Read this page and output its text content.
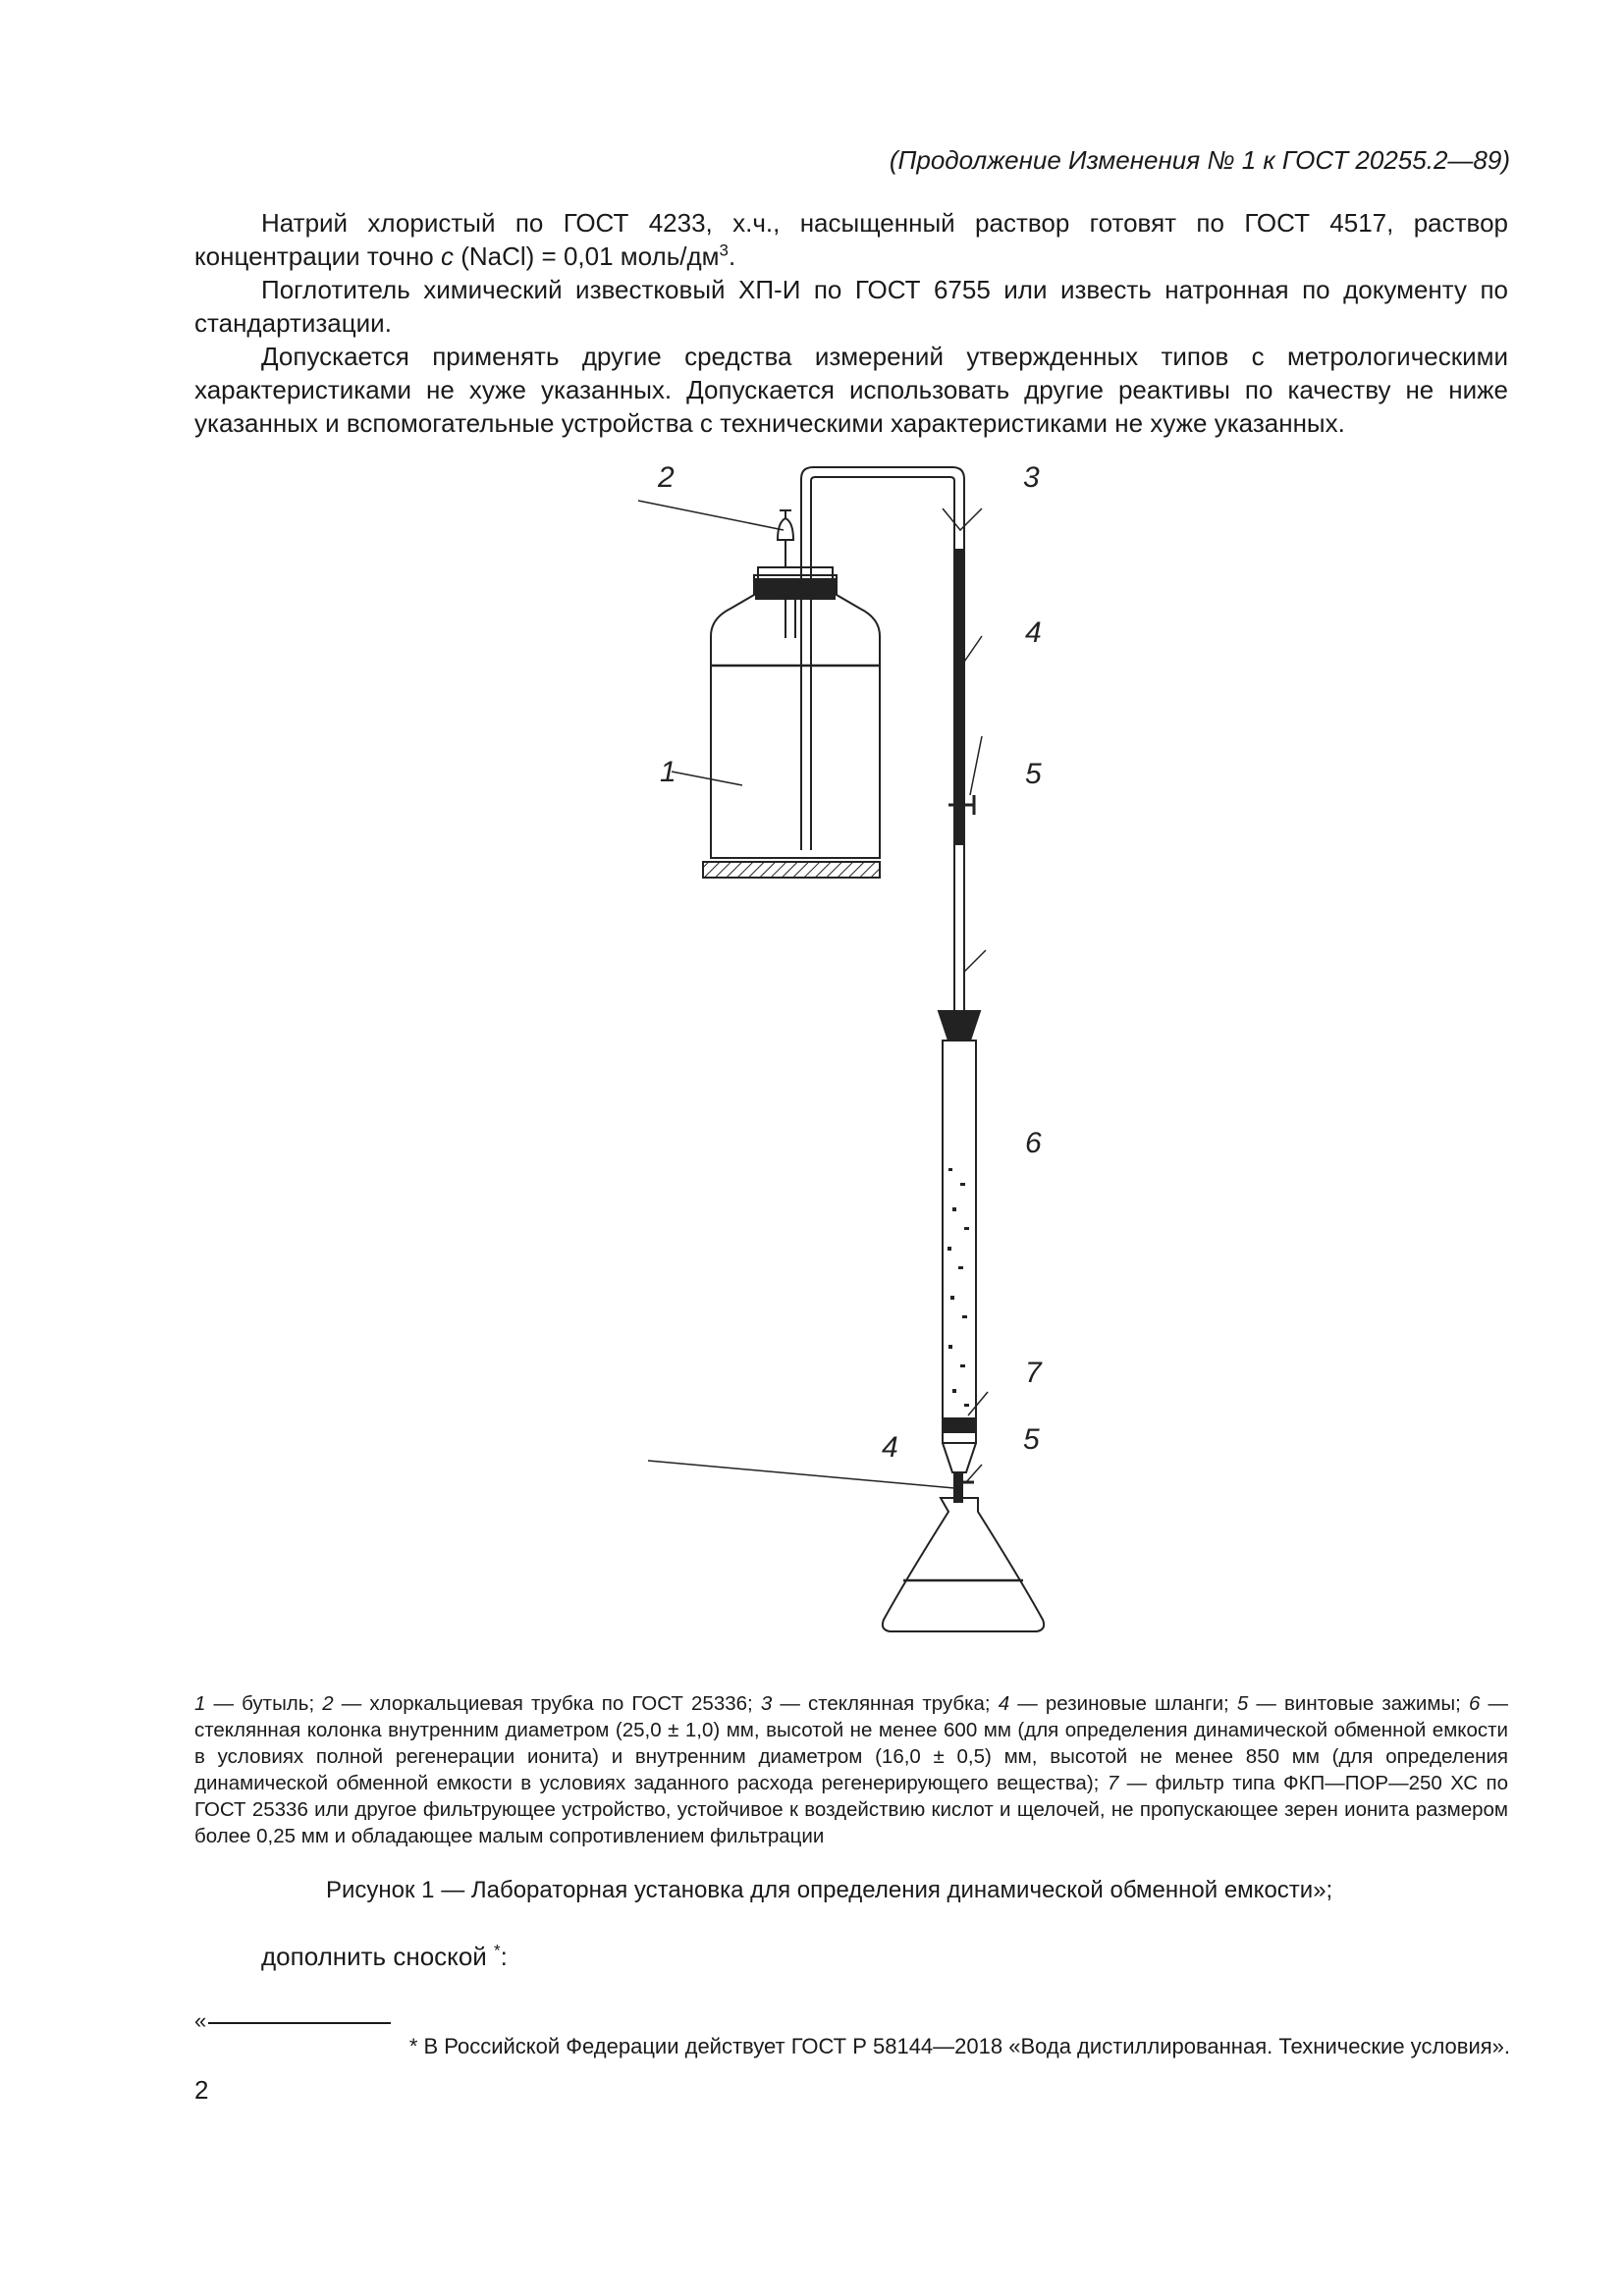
(Продолжение Изменения № 1 к ГОСТ 20255.2—89)

Натрий хлористый по ГОСТ 4233, х.ч., насыщенный раствор готовят по ГОСТ 4517, раствор концентрации точно c (NaCl) = 0,01 моль/$дм^3$.

Поглотитель химический известковый ХП-И по ГОСТ 6755 или известь натронная по документу по стандартизации.

Допускается применять другие средства измерений утвержденных типов с метрологическими характеристиками не хуже указанных. Допускается использовать другие реактивы по качеству не ниже указанных и вспомогательные устройства с техническими характеристиками не хуже указанных.

2	3
4
5
1
6
7
4	5
1 — бутыль; 2 — хлоркальциевая трубка по ГОСТ 25336; 3 — стеклянная трубка; 4 — резиновые шланги; 5 — винтовые зажимы; 6 — стеклянная колонка внутренним диаметром (25,0 ± 1,0) мм, высотой не менее 600 мм (для определения динамической обменной емкости в условиях полной регенерации ионита) и внутренним диаметром (16,0 ± 0,5) мм, высотой не менее 850 мм (для определения динамической обменной емкости в условиях заданного расхода регенерирующего вещества); 7 — фильтр типа ФКП—ПОР—250 ХС по ГОСТ 25336 или другое фильтрующее устройство, устойчивое к воздействию кислот и щелочей, не пропускающее зерен ионита размером более 0,25 мм и обладающее малым сопротивлением фильтрации
Рисунок 1 — Лабораторная установка для определения динамической обменной емкости»;
дополнить сноской *:
«
* В Российской Федерации действует ГОСТ Р 58144—2018 «Вода дистиллированная. Технические условия».
2
